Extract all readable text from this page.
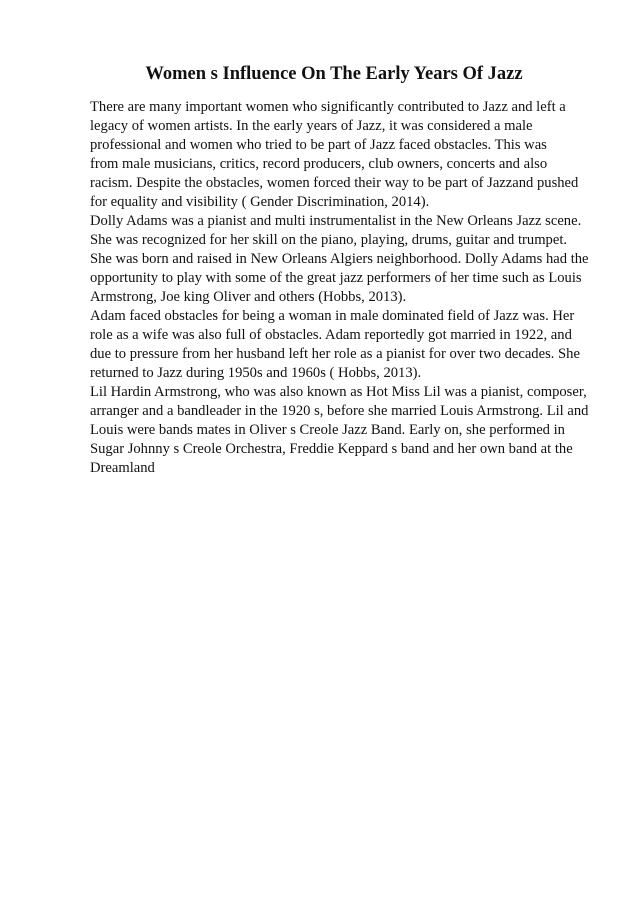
Women s Influence On The Early Years Of Jazz
There are many important women who significantly contributed to Jazz and left a
legacy of women artists. In the early years of Jazz, it was considered a male
professional and women who tried to be part of Jazz faced obstacles. This was
from male musicians, critics, record producers, club owners, concerts and also
racism. Despite the obstacles, women forced their way to be part of Jazzand pushed
for equality and visibility ( Gender Discrimination, 2014).
Dolly Adams was a pianist and multi instrumentalist in the New Orleans Jazz scene.
She was recognized for her skill on the piano, playing, drums, guitar and trumpet.
She was born and raised in New Orleans Algiers neighborhood. Dolly Adams had the
opportunity to play with some of the great jazz performers of her time such as Louis
Armstrong, Joe king Oliver and others (Hobbs, 2013).
Adam faced obstacles for being a woman in male dominated field of Jazz was. Her
role as a wife was also full of obstacles. Adam reportedly got married in 1922, and
due to pressure from her husband left her role as a pianist for over two decades. She
returned to Jazz during 1950s and 1960s ( Hobbs, 2013).
Lil Hardin Armstrong, who was also known as Hot Miss Lil was a pianist, composer,
arranger and a bandleader in the 1920 s, before she married Louis Armstrong. Lil and
Louis were bands mates in Oliver s Creole Jazz Band. Early on, she performed in
Sugar Johnny s Creole Orchestra, Freddie Keppard s band and her own band at the
Dreamland
